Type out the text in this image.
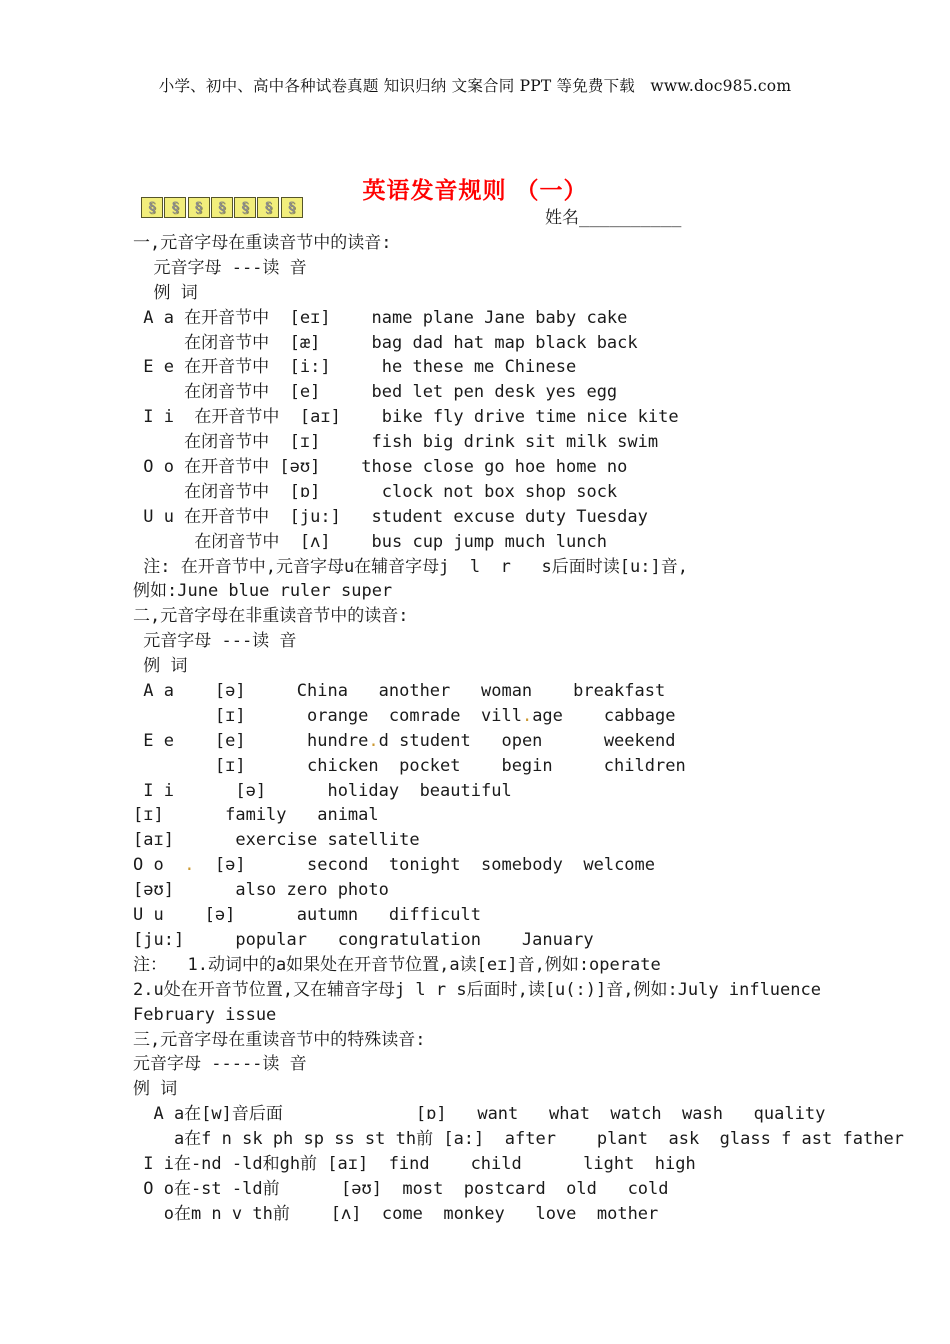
小学、初中、高中各种试卷真题 知识归纳 文案合同 PPT 等免费下载   www.doc985.com
英语发音规则 （一）
§	§	§	§	§	§	§
姓名__________
一,元音字母在重读音节中的读音:
元音字母 ---读 音
例 词
A a 在开音节中  [eɪ]    name plane Jane baby cake
在闭音节中  [æ]     bag dad hat map black back
E e 在开音节中  [i:]     he these me Chinese
在闭音节中  [e]     bed let pen desk yes egg
I i  在开音节中  [aɪ]    bike fly drive time nice kite
在闭音节中  [ɪ]     fish big drink sit milk swim
O o 在开音节中 [əʊ]    those close go hoe home no
在闭音节中  [ɒ]      clock not box shop sock
U u 在开音节中  [ju:]   student excuse duty Tuesday
在闭音节中  [ʌ]    bus cup jump much lunch
注: 在开音节中,元音字母u在辅音字母j  l  r   s后面时读[u:]音,
例如:June blue ruler super
二,元音字母在非重读音节中的读音:
元音字母 ---读 音
例 词
A a    [ə]     China   another   woman    breakfast
[ɪ]      orange  comrade  vill.age    cabbage
E e    [e]      hundre.d student   open      weekend
[ɪ]      chicken  pocket    begin     children
I i      [ə]      holiday  beautiful
[ɪ]      family   animal
[aɪ]      exercise satellite
O o  .  [ə]      second  tonight  somebody  welcome
[əʊ]      also zero photo
U u    [ə]      autumn   difficult
[ju:]     popular   congratulation    January
注：  1.动词中的a如果处在开音节位置,a读[eɪ]音,例如:operate
2.u处在开音节位置,又在辅音字母j l r s后面时,读[u(:)]音,例如:July influence
February issue
三,元音字母在重读音节中的特殊读音:
元音字母 -----读 音
例 词
A a在[w]音后面             [ɒ]   want   what  watch  wash   quality
a在f n sk ph sp ss st th前 [a:]  after    plant  ask  glass f ast father
I i在-nd -ld和gh前 [aɪ]  find    child      light  high
O o在-st -ld前      [əʊ]  most  postcard  old   cold
o在m n v th前    [ʌ]  come  monkey   love  mother
